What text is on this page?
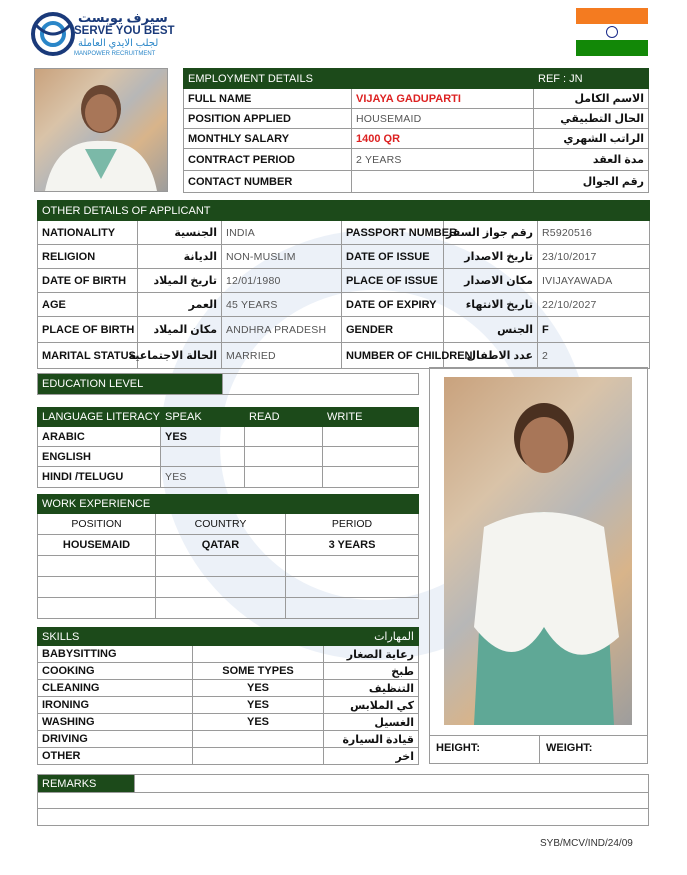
سيرف يوبست
SERVE YOU BEST
لجلب الايدي العاملة
MANPOWER RECRUITMENT
EMPLOYMENT DETAILS		REF : JN
FULL NAME	VIJAYA GADUPARTI	الاسم الكامل
POSITION APPLIED	HOUSEMAID	الحال التطبيقي
MONTHLY SALARY	1400 QR	الراتب الشهري
CONTRACT PERIOD	2 YEARS	مدة العقد
CONTACT NUMBER		رقم الجوال
OTHER DETAILS OF APPLICANT					
NATIONALITY	الجنسية	INDIA	PASSPORT NUMBER	رقم جواز السفر	R5920516
RELIGION	الديانة	NON-MUSLIM	DATE OF ISSUE	تاريخ الاصدار	23/10/2017
DATE OF BIRTH	تاريخ الميلاد	12/01/1980	PLACE OF ISSUE	مكان الاصدار	IVIJAYAWADA
AGE	العمر	45 YEARS	DATE OF EXPIRY	تاريخ الانتهاء	22/10/2027
PLACE OF BIRTH	مكان الميلاد	ANDHRA PRADESH	GENDER	الجنس	F
MARITAL STATUS	الحالة الاجتماعية	MARRIED	NUMBER OF CHILDREN	عدد الاطفال	2
EDUCATION LEVEL	
LANGUAGE LITERACY	SPEAK	READ	WRITE
ARABIC	YES		
ENGLISH			
HINDI /TELUGU	YES		
WORK EXPERIENCE		
POSITION	COUNTRY	PERIOD
HOUSEMAID	QATAR	3 YEARS

SKILLS		المهارات
BABYSITTING		رعاية الصغار
COOKING	SOME TYPES	طبخ
CLEANING	YES	التنظيف
IRONING	YES	كي الملابس
WASHING	YES	الغسيل
DRIVING		قيادة السيارة
OTHER		اخر
HEIGHT:	WEIGHT:
REMARKS	

SYB/MCV/IND/24/09
